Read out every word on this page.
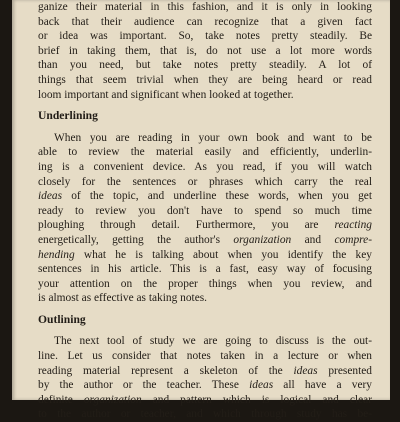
ganize their material in this fashion, and it is only in looking
back that their audience can recognize that a given fact
or idea was important. So, take notes pretty steadily. Be
brief in taking them, that is, do not use a lot more words
than you need, but take notes pretty steadily. A lot of
things that seem trivial when they are being heard or read
loom important and significant when looked at together.
Underlining
When you are reading in your own book and want to be
able to review the material easily and efficiently, underlin-
ing is a convenient device. As you read, if you will watch
closely for the sentences or phrases which carry the real
ideas of the topic, and underline these words, when you get
ready to review you don't have to spend so much time
ploughing through detail. Furthermore, you are reacting
energetically, getting the author's organization and compre-
hending what he is talking about when you identify the key
sentences in his article. This is a fast, easy way of focusing
your attention on the proper things when you review, and
is almost as effective as taking notes.
Outlining
The next tool of study we are going to discuss is the out-
line. Let us consider that notes taken in a lecture or when
reading material represent a skeleton of the ideas presented
by the author or the teacher. These ideas all have a very
definite organization and pattern which is logical and clear
to the author or teacher, and which through study has be-
